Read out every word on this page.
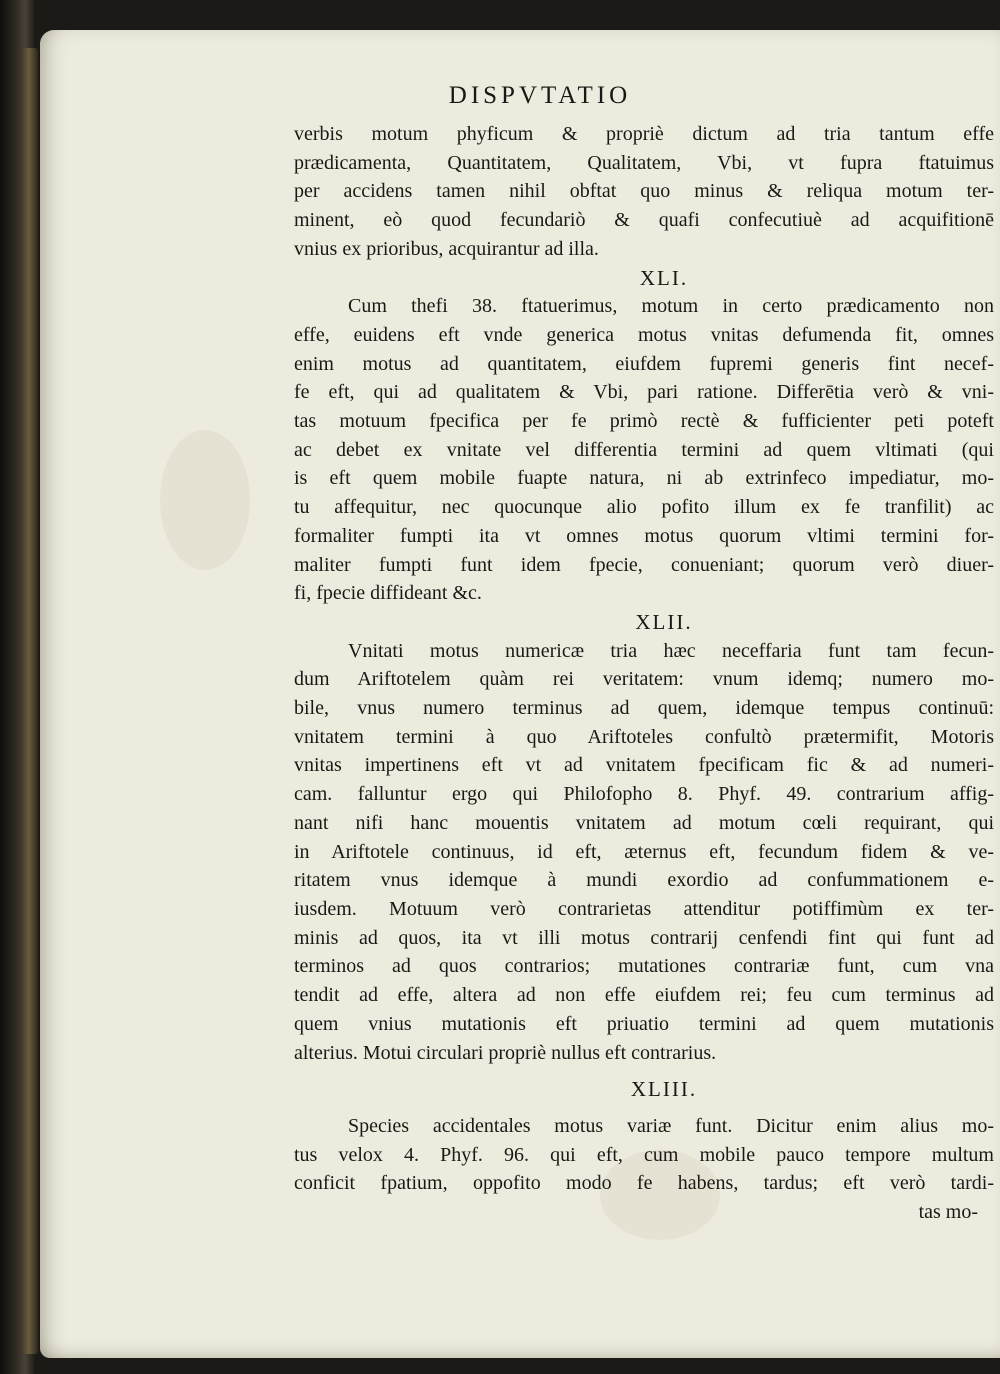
DISPVTATIO
verbis motum phyficum & propriè dictum ad tria tantum effe
prædicamenta, Quantitatem, Qualitatem, Vbi, vt fupra ftatuimus
per accidens tamen nihil obftat quo minus & reliqua motum ter-
minent, eò quod fecundariò & quafi confecutiuè ad acquifitionē
vnius ex prioribus, acquirantur ad illa.
XLI.
Cum thefi 38. ftatuerimus, motum in certo prædicamento non
effe, euidens eft vnde generica motus vnitas defumenda fit, omnes
enim motus ad quantitatem, eiufdem fupremi generis fint necef-
fe eft, qui ad qualitatem & Vbi, pari ratione. Differētia verò & vni-
tas motuum fpecifica per fe primò rectè & fufficienter peti poteft
ac debet ex vnitate vel differentia termini ad quem vltimati (qui
is eft quem mobile fuapte natura, ni ab extrinfeco impediatur, mo-
tu affequitur, nec quocunque alio pofito illum ex fe tranfilit) ac
formaliter fumpti ita vt omnes motus quorum vltimi termini for-
maliter fumpti funt idem fpecie, conueniant; quorum verò diuer-
fi, fpecie diffideant &c.
XLII.
Vnitati motus numericæ tria hæc neceffaria funt tam fecun-
dum Ariftotelem quàm rei veritatem: vnum idemq; numero mo-
bile, vnus numero terminus ad quem, idemque tempus continuū:
vnitatem termini à quo Ariftoteles confultò prætermifit, Motoris
vnitas impertinens eft vt ad vnitatem fpecificam fic & ad numeri-
cam. falluntur ergo qui Philofopho 8. Phyf. 49. contrarium affig-
nant nifi hanc mouentis vnitatem ad motum cœli requirant, qui
in Ariftotele continuus, id eft, æternus eft, fecundum fidem & ve-
ritatem vnus idemque à mundi exordio ad confummationem e-
iusdem. Motuum verò contrarietas attenditur potiffimùm ex ter-
minis ad quos, ita vt illi motus contrarij cenfendi fint qui funt ad
terminos ad quos contrarios; mutationes contrariæ funt, cum vna
tendit ad effe, altera ad non effe eiufdem rei; feu cum terminus ad
quem vnius mutationis eft priuatio termini ad quem mutationis
alterius. Motui circulari propriè nullus eft contrarius.
XLIII.
Species accidentales motus variæ funt. Dicitur enim alius mo-
tus velox 4. Phyf. 96. qui eft, cum mobile pauco tempore multum
conficit fpatium, oppofito modo fe habens, tardus; eft verò tardi-
tas mo-
